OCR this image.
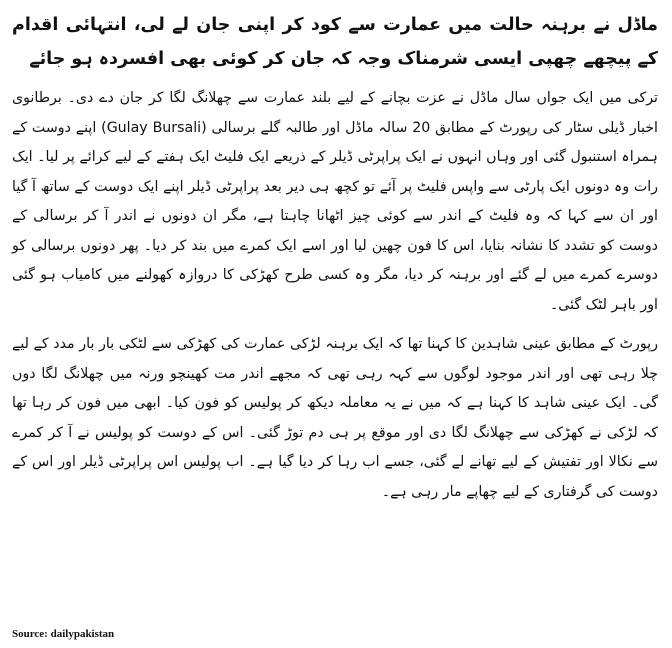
ماڈل نے برہنہ حالت میں عمارت سے کود کر اپنی جان لے لی، انتہائی اقدام کے پیچھے چھپی ایسی شرمناک وجہ کہ جان کر کوئی بھی افسردہ ہو جائے

ترکی میں ایک جواں سال ماڈل نے عزت بچانے کے لیے بلند عمارت سے چھلانگ لگا کر جان دے دی۔ برطانوی اخبار ڈیلی سٹار کی رپورٹ کے مطابق 20 سالہ ماڈل اور طالبہ گلے برسالی (Gulay Bursali) اپنے دوست کے ہمراہ استنبول گئی اور وہاں انہوں نے ایک پراپرٹی ڈیلر کے ذریعے ایک فلیٹ ایک ہفتے کے لیے کرائے پر لیا۔ ایک رات وہ دونوں ایک پارٹی سے واپس فلیٹ پر آئے تو کچھ ہی دیر بعد پراپرٹی ڈیلر اپنے ایک دوست کے ساتھ آ گیا اور ان سے کہا کہ وہ فلیٹ کے اندر سے کوئی چیز اٹھانا چاہتا ہے، مگر ان دونوں نے اندر آ کر برسالی کے دوست کو تشدد کا نشانہ بنایا، اس کا فون چھین لیا اور اسے ایک کمرے میں بند کر دیا۔ پھر دونوں برسالی کو دوسرے کمرے میں لے گئے اور برہنہ کر دیا، مگر وہ کسی طرح کھڑکی کا دروازہ کھولنے میں کامیاب ہو گئی اور باہر لٹک گئی۔

رپورٹ کے مطابق عینی شاہدین کا کہنا تھا کہ ایک برہنہ لڑکی عمارت کی کھڑکی سے لٹکی بار بار مدد کے لیے چلا رہی تھی اور اندر موجود لوگوں سے کہہ رہی تھی کہ مجھے اندر مت کھینچو ورنہ میں چھلانگ لگا دوں گی۔ ایک عینی شاہد کا کہنا ہے کہ میں نے یہ معاملہ دیکھ کر پولیس کو فون کیا۔ ابھی میں فون کر رہا تھا کہ لڑکی نے کھڑکی سے چھلانگ لگا دی اور موقع پر ہی دم توڑ گئی۔ اس کے دوست کو پولیس نے آ کر کمرے سے نکالا اور تفتیش کے لیے تھانے لے گئی، جسے اب رہا کر دیا گیا ہے۔ اب پولیس اس پراپرٹی ڈیلر اور اس کے دوست کی گرفتاری کے لیے چھاپے مار رہی ہے۔

Source: dailypakistan
